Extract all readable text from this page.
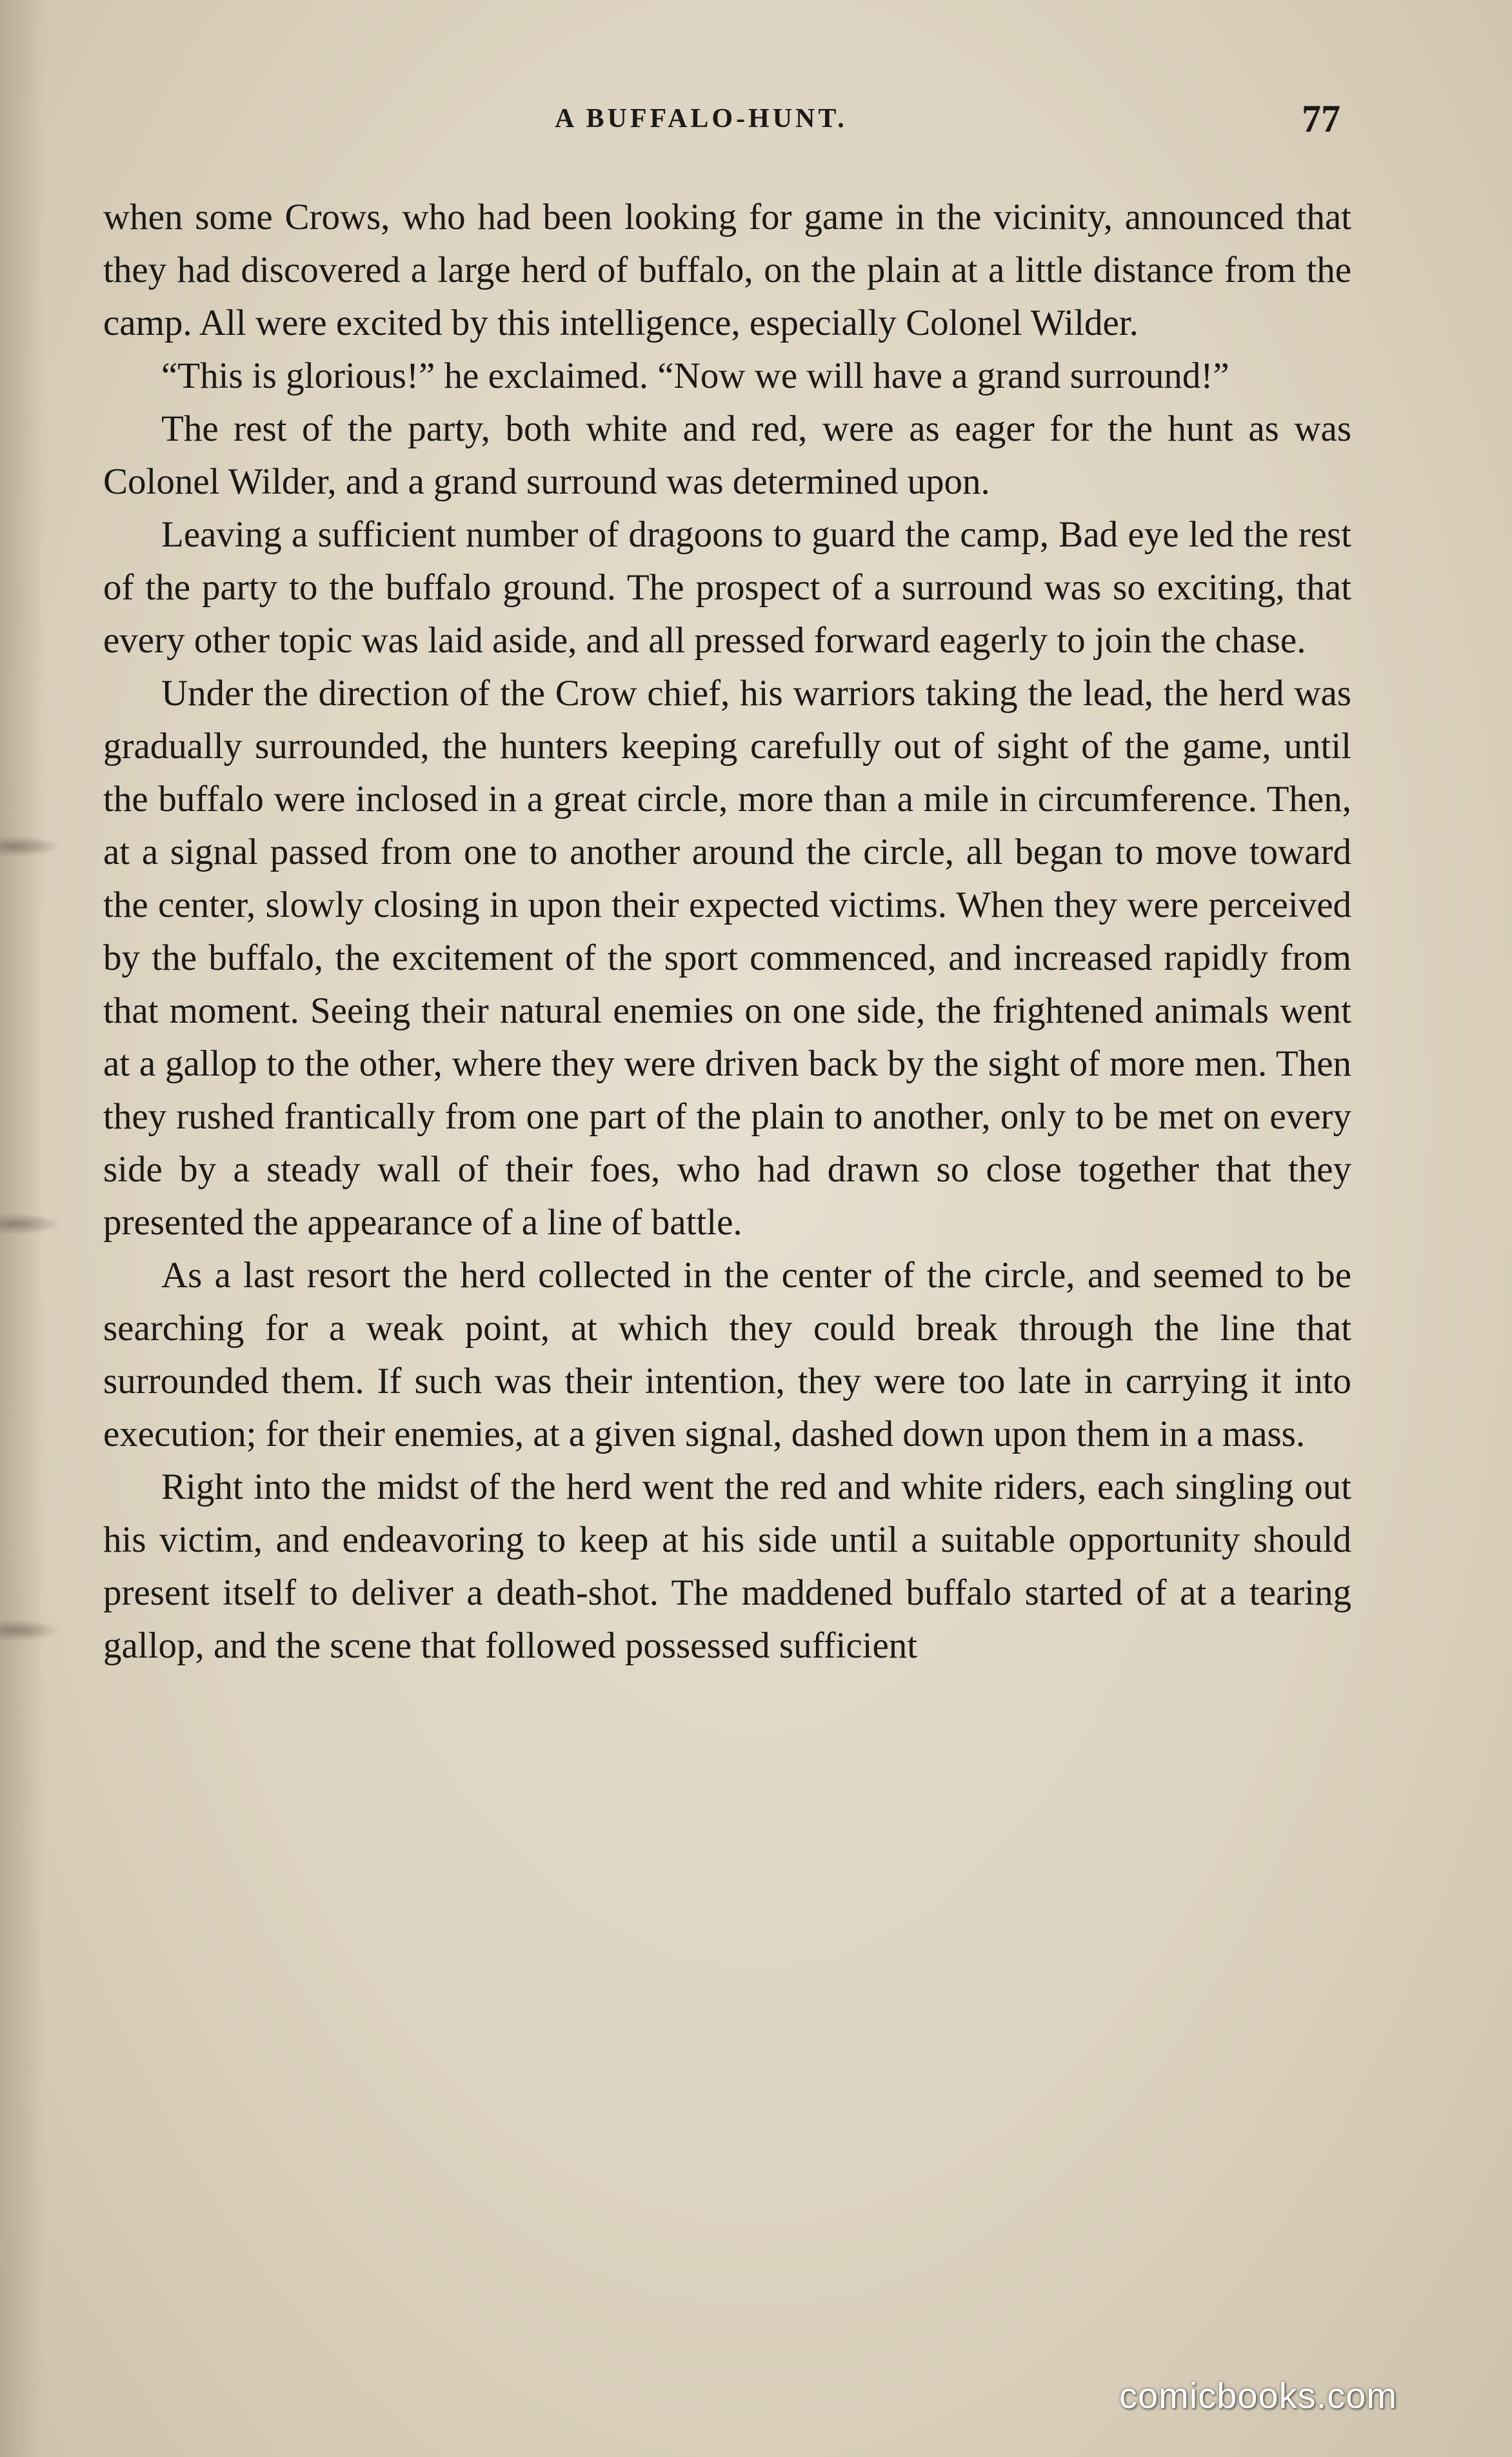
A BUFFALO-HUNT.	77

when some Crows, who had been looking for game in the vicinity, announced that they had discovered a large herd of buffalo, on the plain at a little distance from the camp. All were excited by this intelligence, especially Colonel Wilder.

“This is glorious!” he exclaimed. “Now we will have a grand surround!”

The rest of the party, both white and red, were as eager for the hunt as was Colonel Wilder, and a grand surround was determined upon.

Leaving a sufficient number of dragoons to guard the camp, Bad eye led the rest of the party to the buffalo ground. The prospect of a surround was so exciting, that every other topic was laid aside, and all pressed forward eagerly to join the chase.

Under the direction of the Crow chief, his warriors taking the lead, the herd was gradually surrounded, the hunters keeping carefully out of sight of the game, until the buffalo were inclosed in a great circle, more than a mile in circumference. Then, at a signal passed from one to another around the circle, all began to move toward the center, slowly closing in upon their expected victims. When they were perceived by the buffalo, the excitement of the sport commenced, and increased rapidly from that moment. Seeing their natural enemies on one side, the frightened animals went at a gallop to the other, where they were driven back by the sight of more men. Then they rushed frantically from one part of the plain to another, only to be met on every side by a steady wall of their foes, who had drawn so close together that they presented the appearance of a line of battle.

As a last resort the herd collected in the center of the circle, and seemed to be searching for a weak point, at which they could break through the line that surrounded them. If such was their intention, they were too late in carrying it into execution; for their enemies, at a given signal, dashed down upon them in a mass.

Right into the midst of the herd went the red and white riders, each singling out his victim, and endeavoring to keep at his side until a suitable opportunity should present itself to deliver a death-shot. The maddened buffalo started of at a tearing gallop, and the scene that followed possessed sufficient

comicbooks.com
